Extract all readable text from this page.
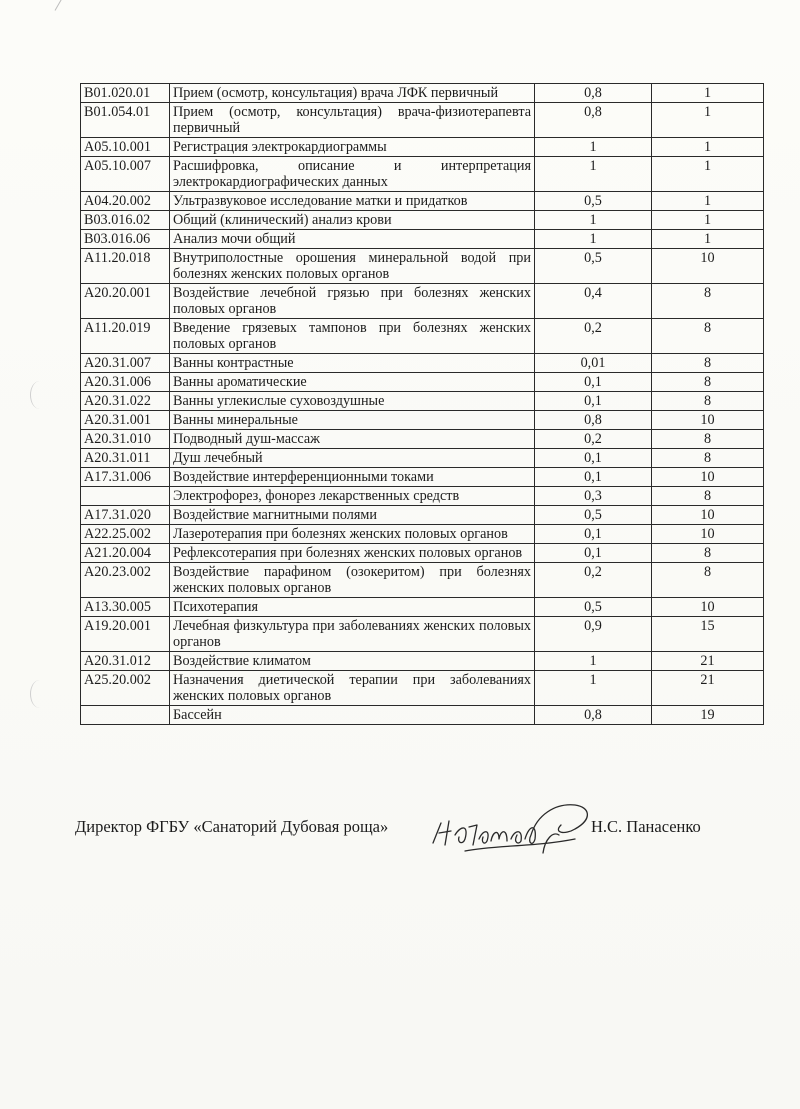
B01.020.01	Прием (осмотр, консультация) врача ЛФК первичный	0,8	1
B01.054.01	Прием (осмотр, консультация) врача-физиотерапевта первичный	0,8	1
A05.10.001	Регистрация электрокардиограммы	1	1
A05.10.007	Расшифровка, описание и интерпретация электрокардиографических данных	1	1
A04.20.002	Ультразвуковое исследование матки и придатков	0,5	1
B03.016.02	Общий (клинический) анализ крови	1	1
B03.016.06	Анализ мочи общий	1	1
A11.20.018	Внутриполостные орошения минеральной водой при болезнях женских половых органов	0,5	10
A20.20.001	Воздействие лечебной грязью при болезнях женских половых органов	0,4	8
A11.20.019	Введение грязевых тампонов при болезнях женских половых органов	0,2	8
A20.31.007	Ванны контрастные	0,01	8
A20.31.006	Ванны ароматические	0,1	8
A20.31.022	Ванны углекислые суховоздушные	0,1	8
A20.31.001	Ванны минеральные	0,8	10
A20.31.010	Подводный душ-массаж	0,2	8
A20.31.011	Душ лечебный	0,1	8
A17.31.006	Воздействие интерференционными токами	0,1	10
	Электрофорез, фонорез лекарственных средств	0,3	8
A17.31.020	Воздействие магнитными полями	0,5	10
A22.25.002	Лазеротерапия при болезнях женских половых органов	0,1	10
A21.20.004	Рефлексотерапия при болезнях женских половых органов	0,1	8
A20.23.002	Воздействие парафином (озокеритом) при болезнях женских половых органов	0,2	8
A13.30.005	Психотерапия	0,5	10
A19.20.001	Лечебная физкультура при заболеваниях женских половых органов	0,9	15
A20.31.012	Воздействие климатом	1	21
A25.20.002	Назначения диетической терапии при заболеваниях женских половых органов	1	21
	Бассейн	0,8	19
Директор ФГБУ «Санаторий Дубовая роща»	Н.С. Панасенко
